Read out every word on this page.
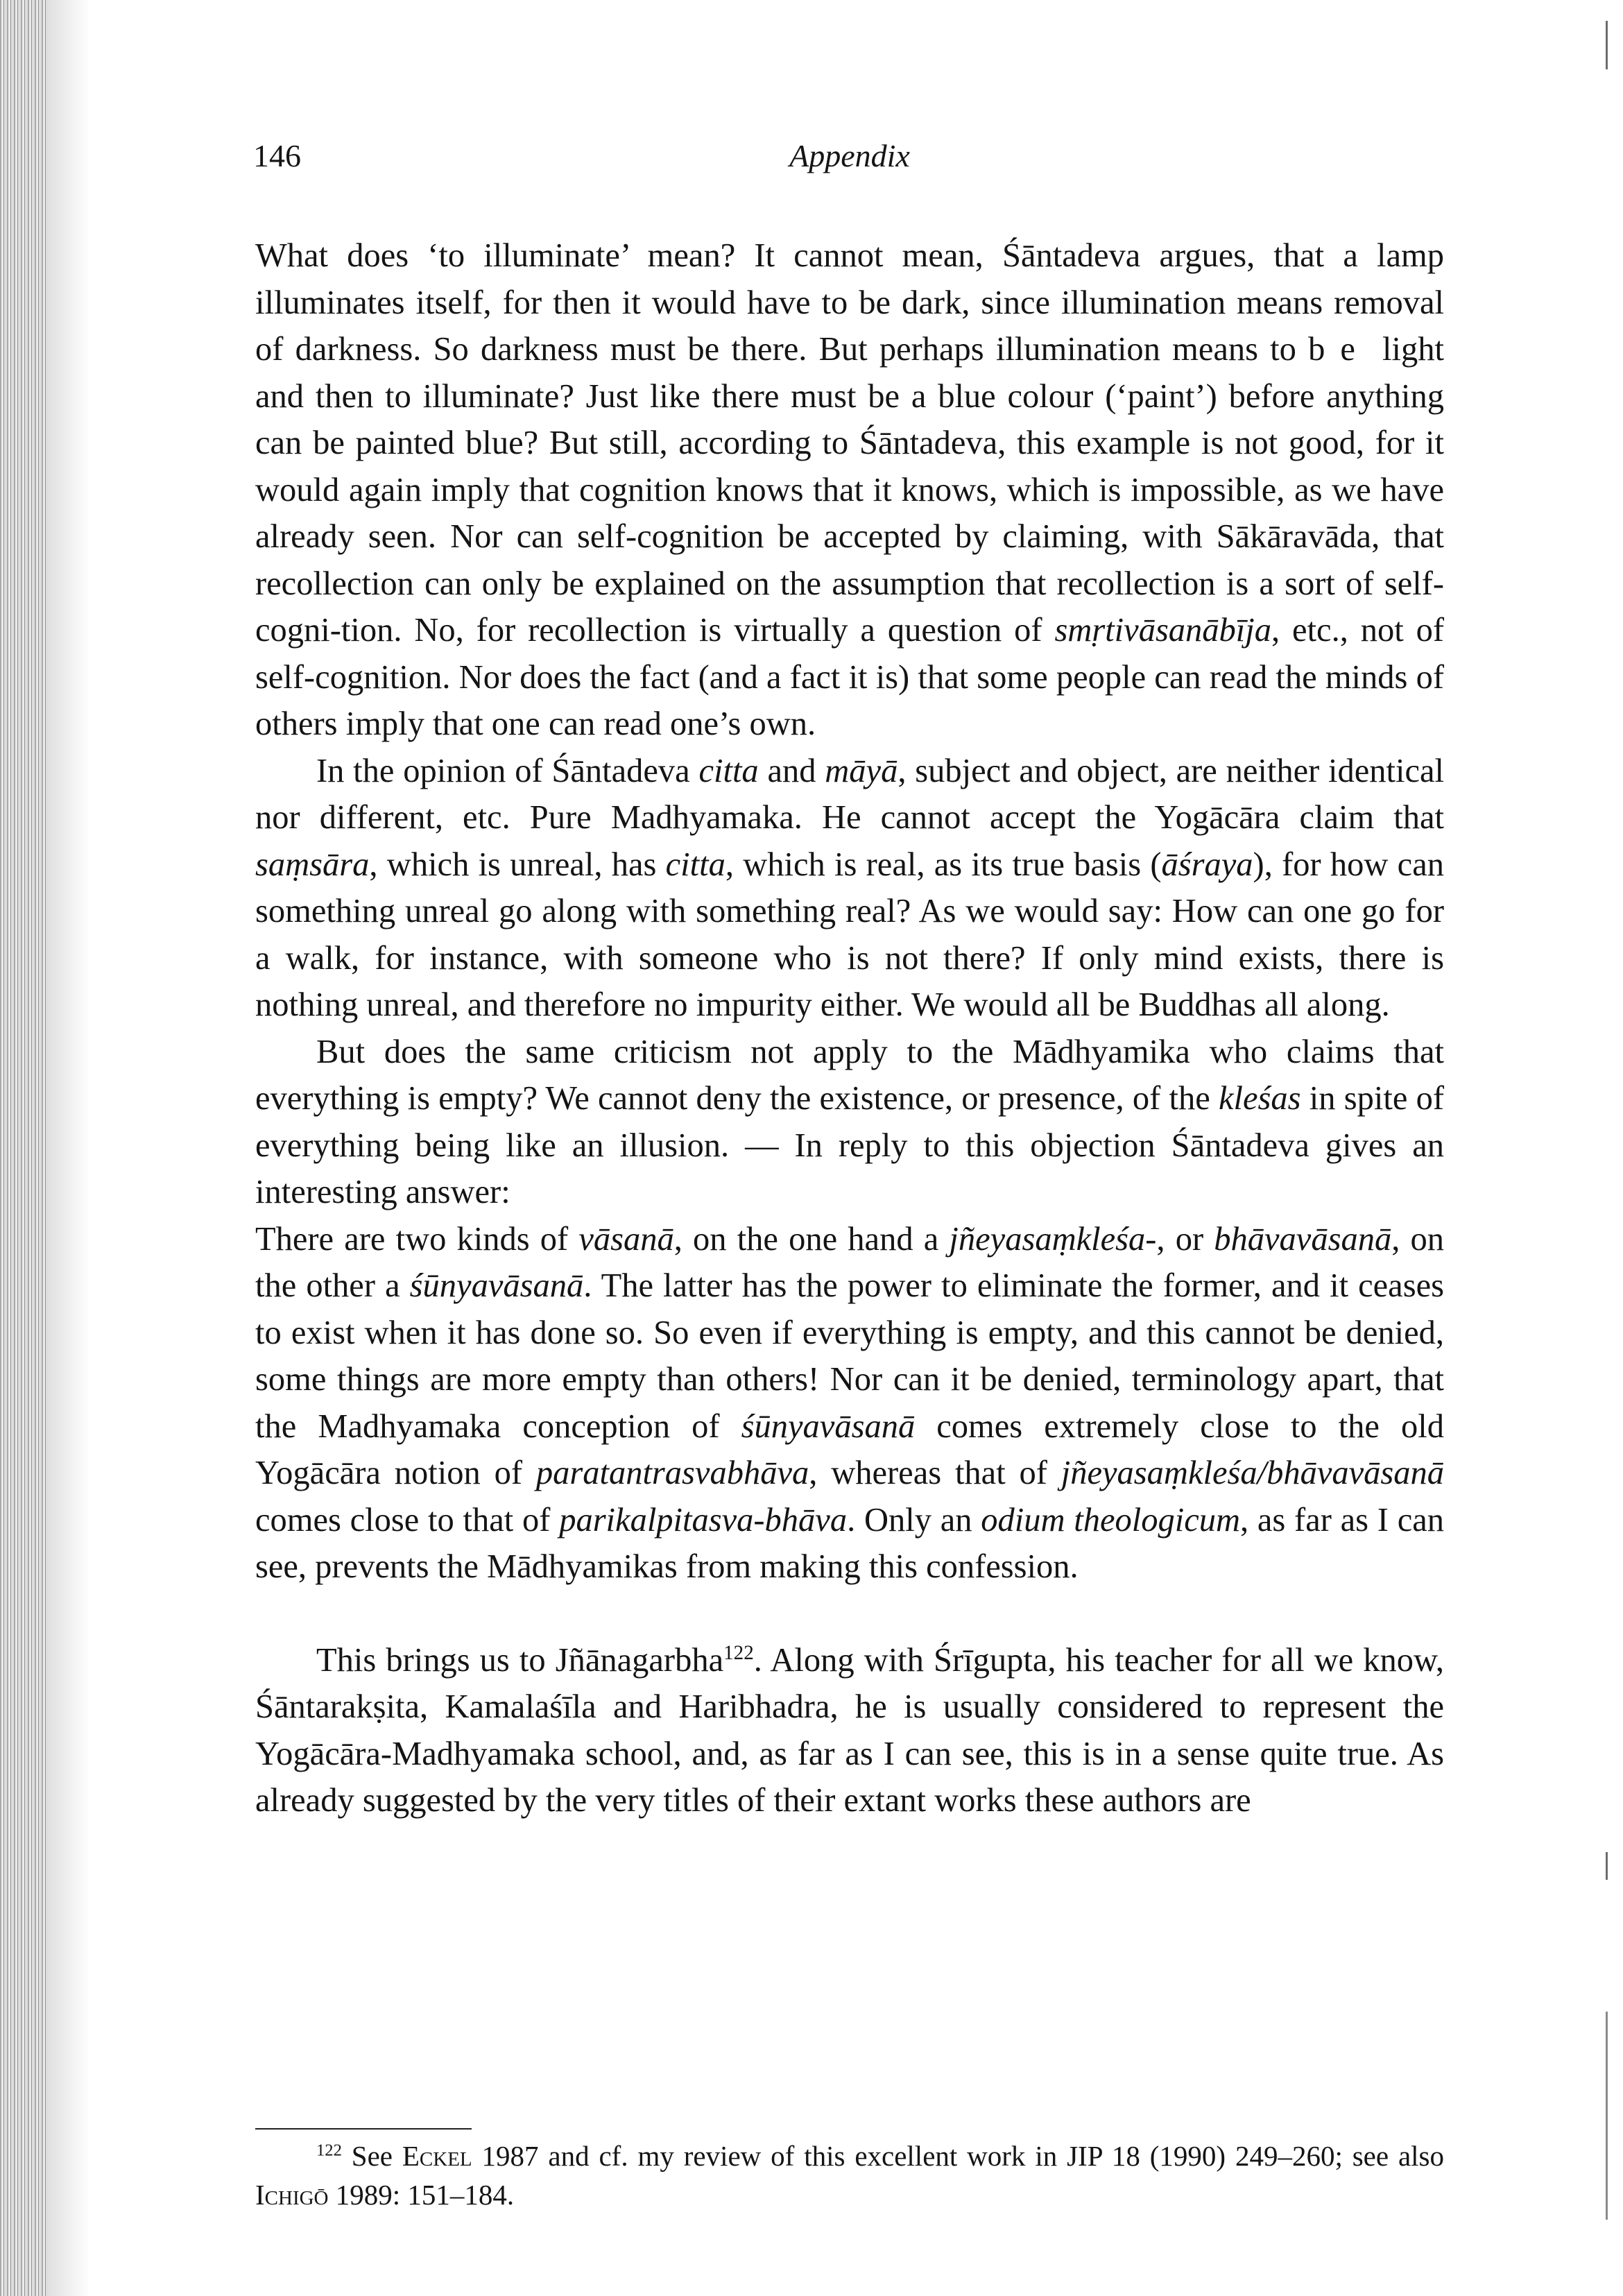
Appendix
146

What does ‘to illuminate’ mean? It cannot mean, Śāntadeva argues, that a lamp illuminates itself, for then it would have to be dark, since illumination means removal of darkness. So darkness must be there. But perhaps illumination means to be light and then to illuminate? Just like there must be a blue colour (‘paint’) before anything can be painted blue? But still, according to Śāntadeva, this example is not good, for it would again imply that cognition knows that it knows, which is impossible, as we have already seen. Nor can self-cognition be accepted by claiming, with Sākāravāda, that recollection can only be explained on the assumption that recollection is a sort of self-cogni-tion. No, for recollection is virtually a question of smṛtivāsanābīja, etc., not of self-cognition. Nor does the fact (and a fact it is) that some people can read the minds of others imply that one can read one’s own.

In the opinion of Śāntadeva citta and māyā, subject and object, are neither identical nor different, etc. Pure Madhyamaka. He cannot accept the Yogācāra claim that saṃsāra, which is unreal, has citta, which is real, as its true basis (āśraya), for how can something unreal go along with something real? As we would say: How can one go for a walk, for instance, with someone who is not there? If only mind exists, there is nothing unreal, and therefore no impurity either. We would all be Buddhas all along.

But does the same criticism not apply to the Mādhyamika who claims that everything is empty? We cannot deny the existence, or presence, of the kleśas in spite of everything being like an illusion. — In reply to this objection Śāntadeva gives an interesting answer:

There are two kinds of vāsanā, on the one hand a jñeyasaṃkleśa-, or bhāvavāsanā, on the other a śūnyavāsanā. The latter has the power to eliminate the former, and it ceases to exist when it has done so. So even if everything is empty, and this cannot be denied, some things are more empty than others! Nor can it be denied, terminology apart, that the Madhyamaka conception of śūnyavāsanā comes extremely close to the old Yogācāra notion of paratantrasvabhāva, whereas that of jñeyasaṃkleśa/bhāvavāsanā comes close to that of parikalpitasva-bhāva. Only an odium theologicum, as far as I can see, prevents the Mādhyamikas from making this confession.

This brings us to Jñānagarbha$^{122}$. Along with Śrīgupta, his teacher for all we know, Śāntarakṣita, Kamalaśīla and Haribhadra, he is usually considered to represent the Yogācāra-Madhyamaka school, and, as far as I can see, this is in a sense quite true. As already suggested by the very titles of their extant works these authors are

$^{122}$ See Eckel 1987 and cf. my review of this excellent work in JIP 18 (1990) 249–260; see also Ichigō 1989: 151–184.
